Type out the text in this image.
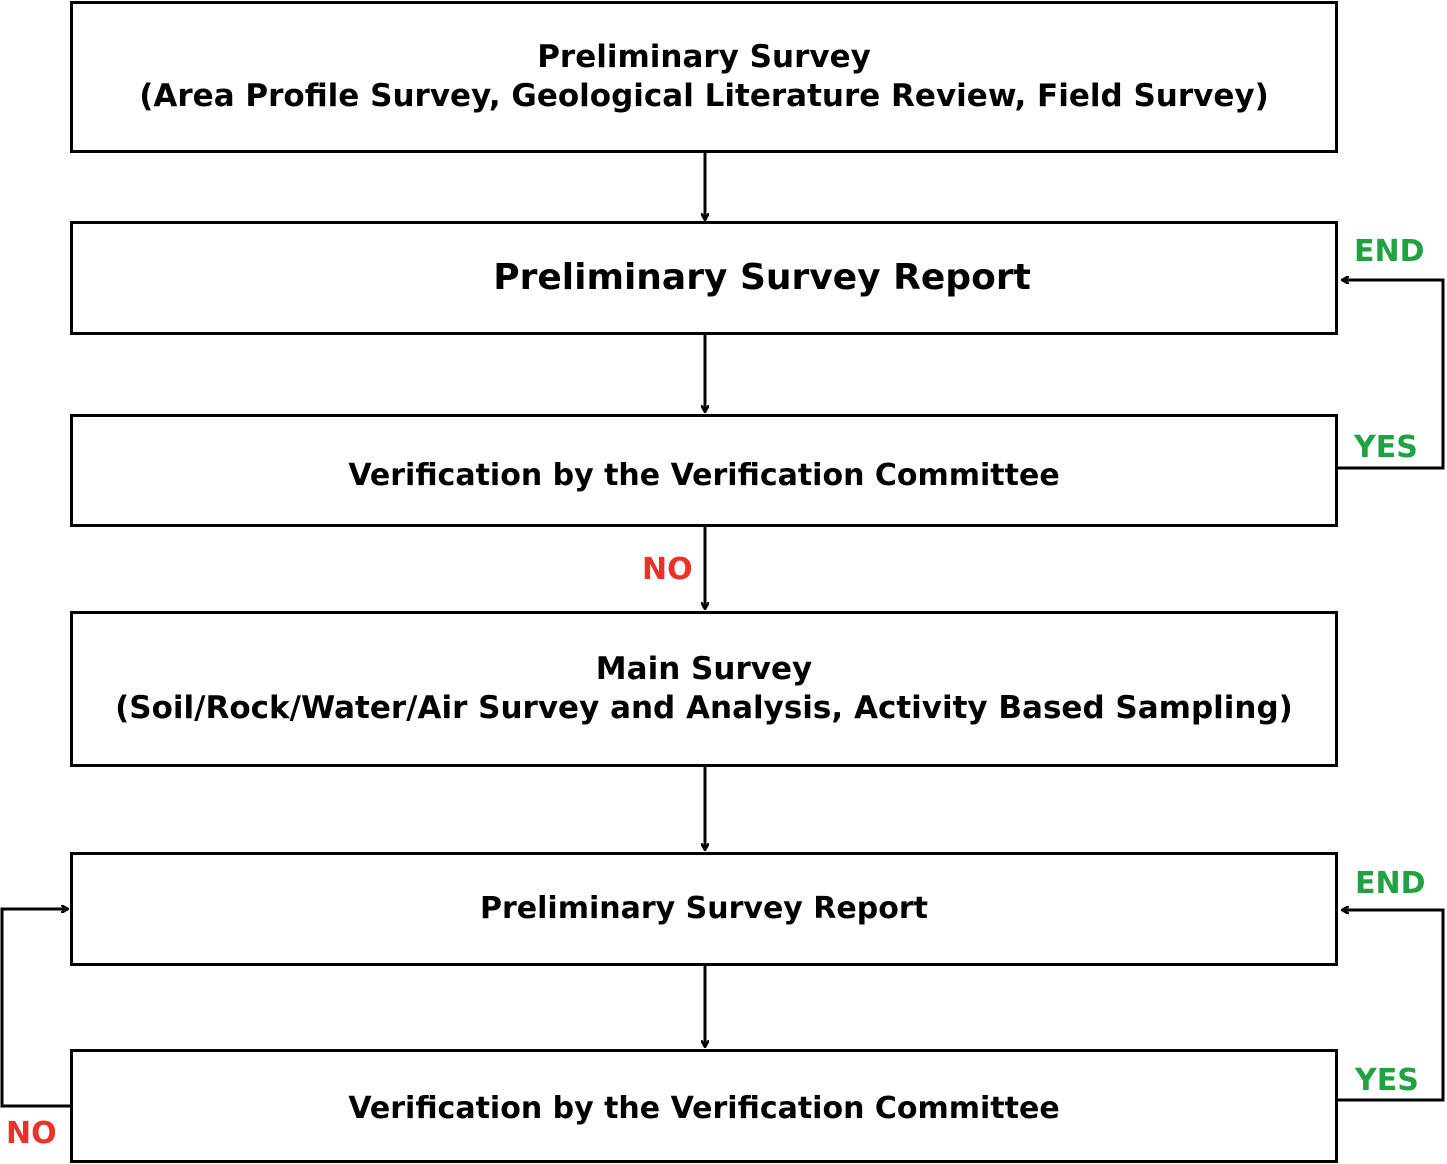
Preliminary Survey
(Area Profile Survey, Geological Literature Review, Field Survey)
Preliminary Survey Report
Verification by the Verification Committee
Main Survey
(Soil/Rock/Water/Air Survey and Analysis, Activity Based Sampling)
Preliminary Survey Report
Verification by the Verification Committee
END
YES
NO
END
YES
NO
